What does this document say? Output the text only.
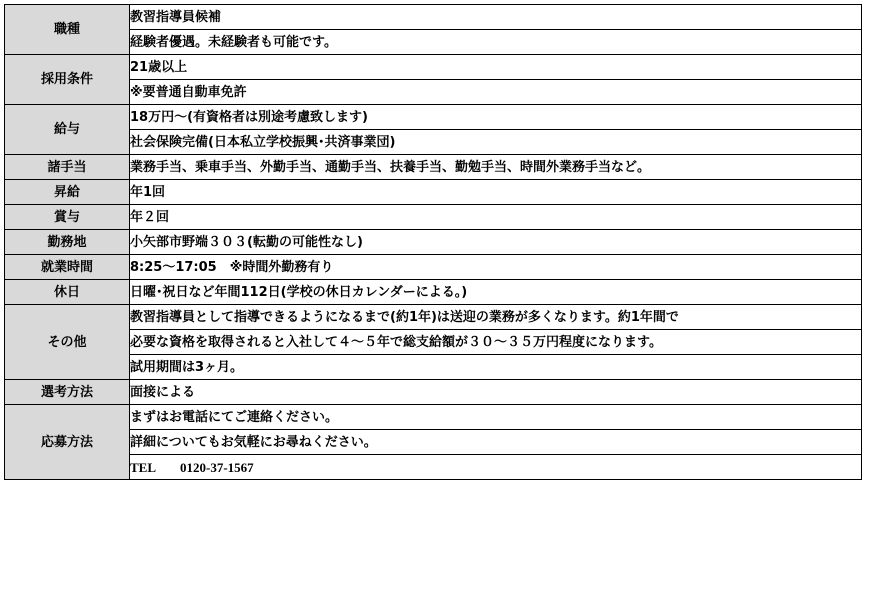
職種	教習指導員候補
	経験者優遇。未経験者も可能です。
採用条件	21歳以上
	※要普通自動車免許
給与	18万円～(有資格者は別途考慮致します)
	社会保険完備(日本私立学校振興･共済事業団)
諸手当	業務手当、乗車手当、外勤手当、通勤手当、扶養手当、勤勉手当、時間外業務手当など。
昇給	年1回
賞与	年２回
勤務地	小矢部市野端３０３(転勤の可能性なし)
就業時間	8:25～17:05　※時間外勤務有り
休日	日曜･祝日など年間112日(学校の休日カレンダーによる。)
その他	教習指導員として指導できるようになるまで(約1年)は送迎の業務が多くなります。約1年間で
	必要な資格を取得されると入社して４～５年で総支給額が３０～３５万円程度になります。
	試用期間は3ヶ月。
選考方法	面接による
応募方法	まずはお電話にてご連絡ください。
	詳細についてもお気軽にお尋ねください。
	TEL 0120-37-1567
